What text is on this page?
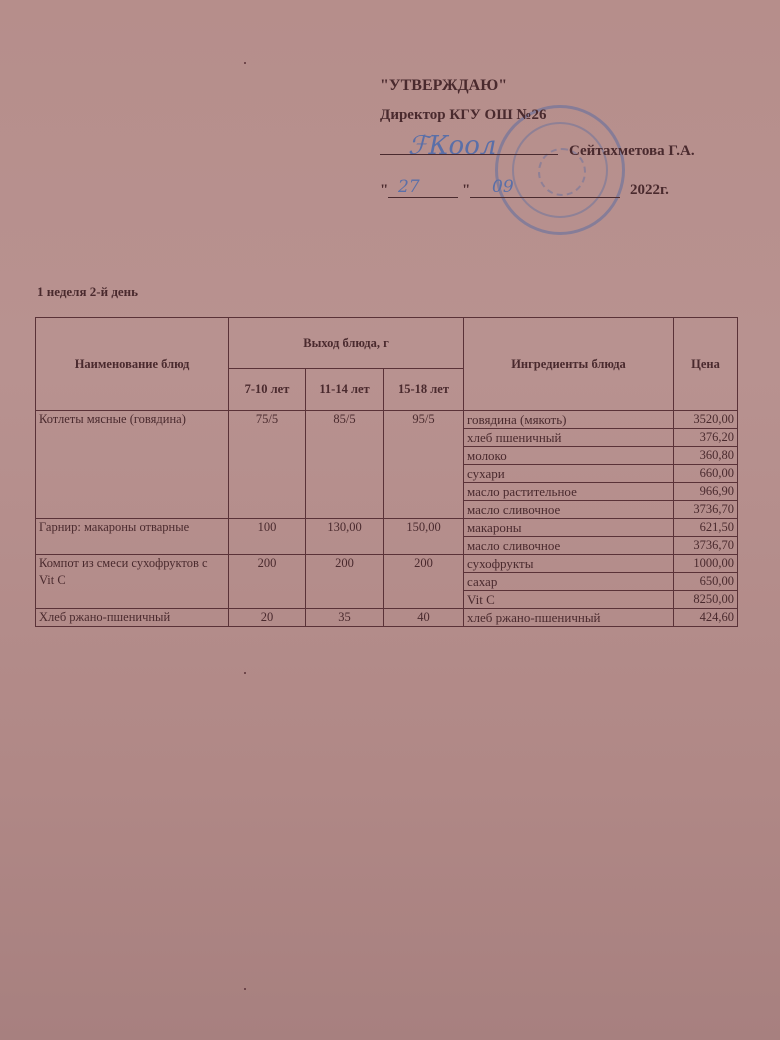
"УТВЕРЖДАЮ"
Директор КГУ ОШ №26
ℱКоол	Сейтахметова Г.А.
" 27	" 09	2022г.
1 неделя 2-й день
Наименование блюд	Выход блюда, г			Ингредиенты блюда	Цена
	7-10 лет	11-14 лет	15-18 лет		
Котлеты мясные (говядина)	75/5	85/5	95/5	говядина (мякоть)	3520,00
				хлеб пшеничный	376,20
				молоко	360,80
				сухари	660,00
				масло растительное	966,90
				масло сливочное	3736,70
Гарнир: макароны отварные	100	130,00	150,00	макароны	621,50
				масло сливочное	3736,70
Компот из смеси сухофруктов с Vit C	200	200	200	сухофрукты	1000,00
				сахар	650,00
				Vit C	8250,00
Хлеб ржано-пшеничный	20	35	40	хлеб ржано-пшеничный	424,60
